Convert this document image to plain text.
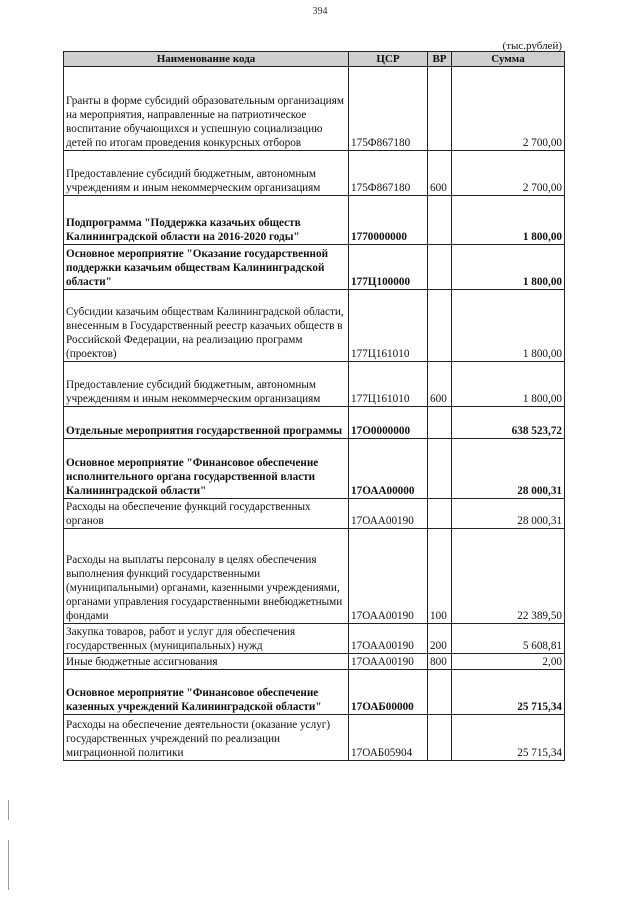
394
(тыс.рублей)
Наименование кода	ЦСР	ВР	Сумма
Гранты в форме субсидий образовательным организациям на мероприятия, направленные на патриотическое воспитание обучающихся и успешную социализацию детей по итогам проведения конкурсных отборов	175Ф867180		2 700,00
Предоставление субсидий бюджетным, автономным учреждениям и иным некоммерческим организациям	175Ф867180	600	2 700,00
Подпрограмма "Поддержка казачьих обществ Калининградской области на 2016-2020 годы"	1770000000		1 800,00
Основное мероприятие "Оказание государственной поддержки казачьим обществам Калининградской области"	177Ц100000		1 800,00
Субсидии казачьим обществам Калининградской области, внесенным в Государственный реестр казачьих обществ в Российской Федерации, на реализацию программ (проектов)	177Ц161010		1 800,00
Предоставление субсидий бюджетным, автономным учреждениям и иным некоммерческим организациям	177Ц161010	600	1 800,00
Отдельные мероприятия государственной программы	17О0000000		638 523,72
Основное мероприятие "Финансовое обеспечение исполнительного органа государственной власти Калининградской области"	17ОАА00000		28 000,31
Расходы на обеспечение функций государственных органов	17ОАА00190		28 000,31
Расходы на выплаты персоналу в целях обеспечения выполнения функций государственными (муниципальными) органами, казенными учреждениями, органами управления государственными внебюджетными фондами	17ОАА00190	100	22 389,50
Закупка товаров, работ и услуг для обеспечения государственных (муниципальных) нужд	17ОАА00190	200	5 608,81
Иные бюджетные ассигнования	17ОАА00190	800	2,00
Основное мероприятие "Финансовое обеспечение казенных учреждений Калининградской области"	17ОАБ00000		25 715,34
Расходы на обеспечение деятельности (оказание услуг) государственных учреждений по реализации миграционной политики	17ОАБ05904		25 715,34
